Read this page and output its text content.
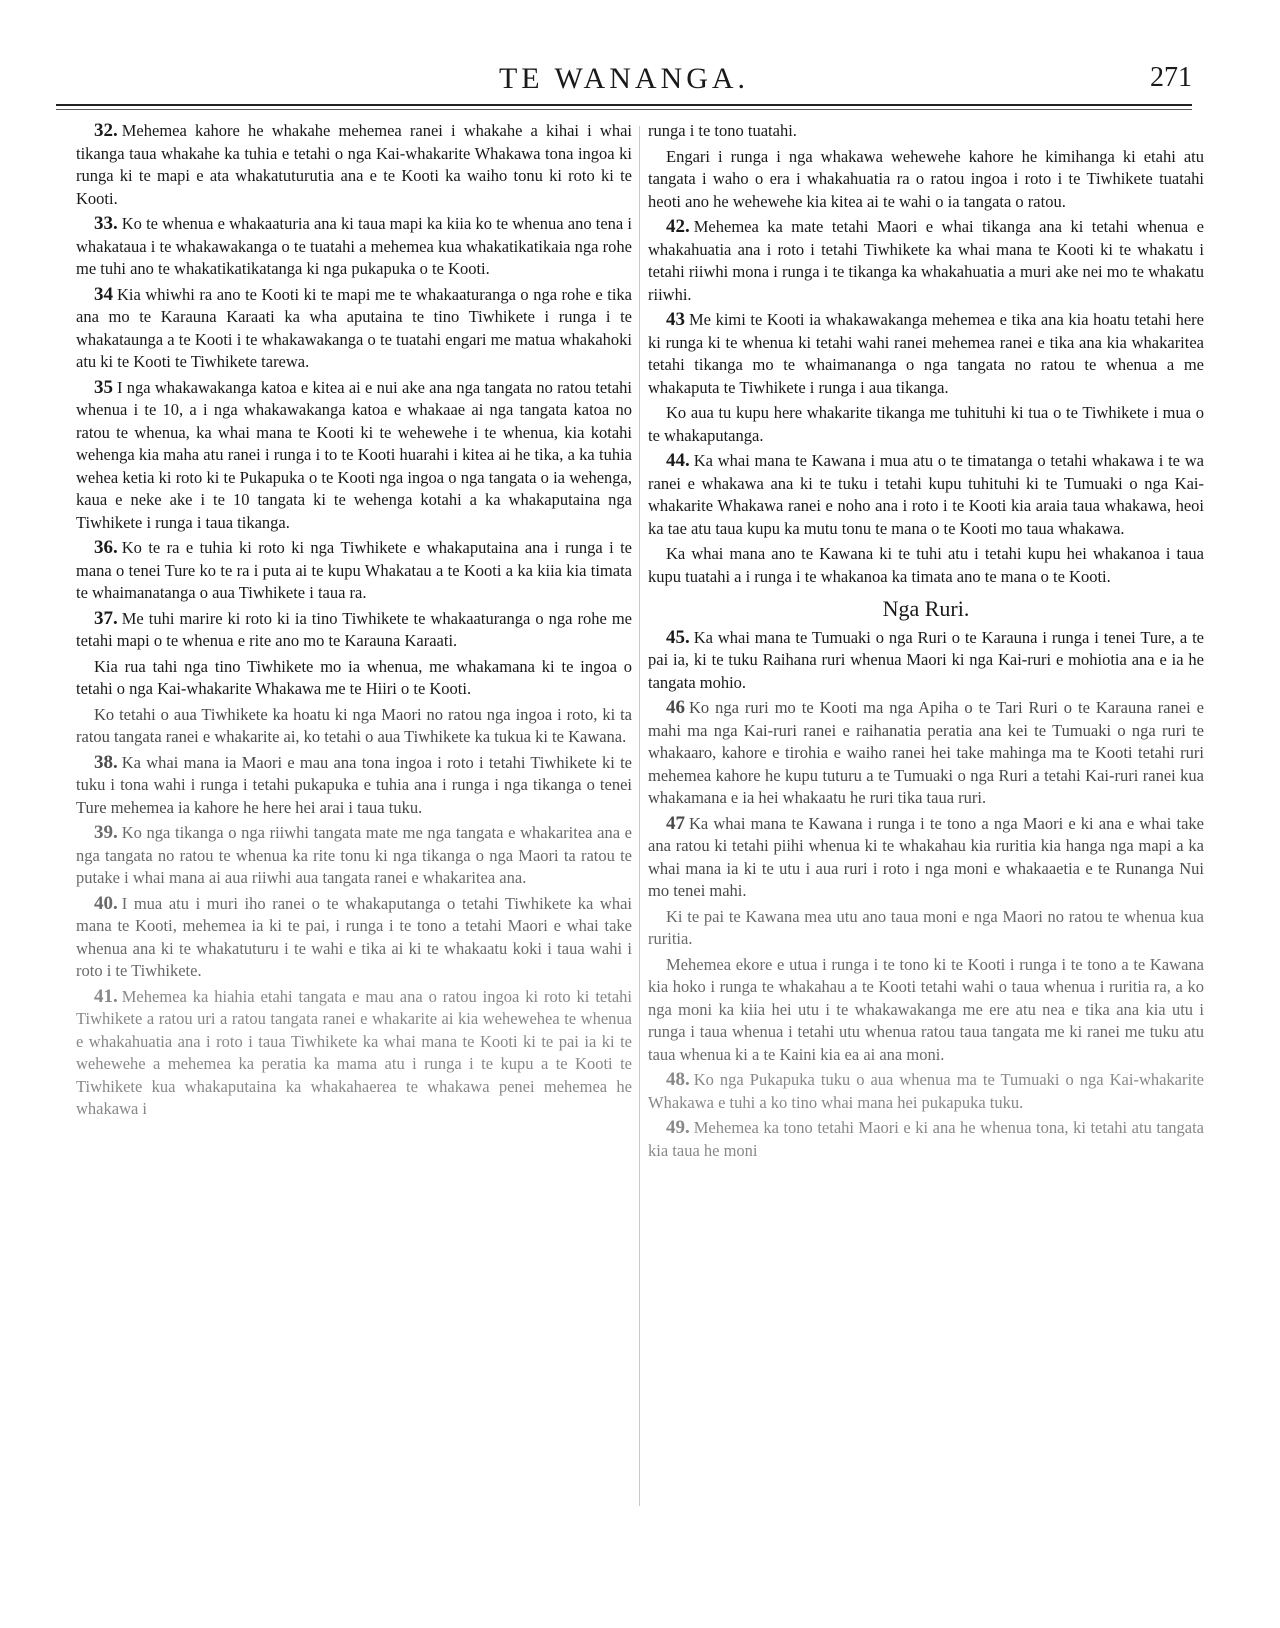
TE WANANGA.	271

32. Mehemea kahore he whakahe mehemea ranei i whakahe a kihai i whai tikanga taua whakahe ka tuhia e tetahi o nga Kai-whakarite Whakawa tona ingoa ki runga ki te mapi e ata whakatuturutia ana e te Kooti ka waiho tonu ki roto ki te Kooti.

33. Ko te whenua e whakaaturia ana ki taua mapi ka kiia ko te whenua ano tena i whakataua i te whakawakanga o te tuatahi a mehemea kua whakatikatikaia nga rohe me tuhi ano te whakatikatikatanga ki nga pukapuka o te Kooti.

34 Kia whiwhi ra ano te Kooti ki te mapi me te whakaaturanga o nga rohe e tika ana mo te Karauna Karaati ka wha aputaina te tino Tiwhikete i runga i te whakataunga a te Kooti i te whakawakanga o te tuatahi engari me matua whakahoki atu ki te Kooti te Tiwhikete tarewa.

35 I nga whakawakanga katoa e kitea ai e nui ake ana nga tangata no ratou tetahi whenua i te 10, a i nga whakawakanga katoa e whakaae ai nga tangata katoa no ratou te whenua, ka whai mana te Kooti ki te wehewehe i te whenua, kia kotahi wehenga kia maha atu ranei i runga i to te Kooti huarahi i kitea ai he tika, a ka tuhia wehea ketia ki roto ki te Pukapuka o te Kooti nga ingoa o nga tangata o ia wehenga, kaua e neke ake i te 10 tangata ki te wehenga kotahi a ka whakaputaina nga Tiwhikete i runga i taua tikanga.

36. Ko te ra e tuhia ki roto ki nga Tiwhikete e whakaputaina ana i runga i te mana o tenei Ture ko te ra i puta ai te kupu Whakatau a te Kooti a ka kiia kia timata te whaimanatanga o aua Tiwhikete i taua ra.

37. Me tuhi marire ki roto ki ia tino Tiwhikete te whakaaturanga o nga rohe me tetahi mapi o te whenua e rite ano mo te Karauna Karaati.

Kia rua tahi nga tino Tiwhikete mo ia whenua, me whakamana ki te ingoa o tetahi o nga Kai-whakarite Whakawa me te Hiiri o te Kooti.

Ko tetahi o aua Tiwhikete ka hoatu ki nga Maori no ratou nga ingoa i roto, ki ta ratou tangata ranei e whakarite ai, ko tetahi o aua Tiwhikete ka tukua ki te Kawana.

38. Ka whai mana ia Maori e mau ana tona ingoa i roto i tetahi Tiwhikete ki te tuku i tona wahi i runga i tetahi pukapuka e tuhia ana i runga i nga tikanga o tenei Ture mehemea ia kahore he here hei arai i taua tuku.

39. Ko nga tikanga o nga riiwhi tangata mate me nga tangata e whakaritea ana e nga tangata no ratou te whenua ka rite tonu ki nga tikanga o nga Maori ta ratou te putake i whai mana ai aua riiwhi aua tangata ranei e whakaritea ana.

40. I mua atu i muri iho ranei o te whakaputanga o tetahi Tiwhikete ka whai mana te Kooti, mehemea ia ki te pai, i runga i te tono a tetahi Maori e whai take whenua ana ki te whakatuturu i te wahi e tika ai ki te whakaatu koki i taua wahi i roto i te Tiwhikete.

41. Mehemea ka hiahia etahi tangata e mau ana o ratou ingoa ki roto ki tetahi Tiwhikete a ratou uri a ratou tangata ranei e whakarite ai kia wehewehea te whenua e whakahuatia ana i roto i taua Tiwhikete ka whai mana te Kooti ki te pai ia ki te wehewehe a mehemea ka peratia ka mama atu i runga i te kupu a te Kooti te Tiwhikete kua whakaputaina ka whakahaerea te whakawa penei mehemea he whakawa i

runga i te tono tuatahi.

Engari i runga i nga whakawa wehewehe kahore he kimihanga ki etahi atu tangata i waho o era i whakahuatia ra o ratou ingoa i roto i te Tiwhikete tuatahi heoti ano he wehewehe kia kitea ai te wahi o ia tangata o ratou.

42. Mehemea ka mate tetahi Maori e whai tikanga ana ki tetahi whenua e whakahuatia ana i roto i tetahi Tiwhikete ka whai mana te Kooti ki te whakatu i tetahi riiwhi mona i runga i te tikanga ka whakahuatia a muri ake nei mo te whakatu riiwhi.

43 Me kimi te Kooti ia whakawakanga mehemea e tika ana kia hoatu tetahi here ki runga ki te whenua ki tetahi wahi ranei mehemea ranei e tika ana kia whakaritea tetahi tikanga mo te whaimananga o nga tangata no ratou te whenua a me whakaputa te Tiwhikete i runga i aua tikanga.

Ko aua tu kupu here whakarite tikanga me tuhituhi ki tua o te Tiwhikete i mua o te whakaputanga.

44. Ka whai mana te Kawana i mua atu o te timatanga o tetahi whakawa i te wa ranei e whakawa ana ki te tuku i tetahi kupu tuhituhi ki te Tumuaki o nga Kai-whakarite Whakawa ranei e noho ana i roto i te Kooti kia araia taua whakawa, heoi ka tae atu taua kupu ka mutu tonu te mana o te Kooti mo taua whakawa.

Ka whai mana ano te Kawana ki te tuhi atu i tetahi kupu hei whakanoa i taua kupu tuatahi a i runga i te whakanoa ka timata ano te mana o te Kooti.

Nga Ruri.

45. Ka whai mana te Tumuaki o nga Ruri o te Karauna i runga i tenei Ture, a te pai ia, ki te tuku Raihana ruri whenua Maori ki nga Kai-ruri e mohiotia ana e ia he tangata mohio.

46 Ko nga ruri mo te Kooti ma nga Apiha o te Tari Ruri o te Karauna ranei e mahi ma nga Kai-ruri ranei e raihanatia peratia ana kei te Tumuaki o nga ruri te whakaaro, kahore e tirohia e waiho ranei hei take mahinga ma te Kooti tetahi ruri mehemea kahore he kupu tuturu a te Tumuaki o nga Ruri a tetahi Kai-ruri ranei kua whakamana e ia hei whakaatu he ruri tika taua ruri.

47 Ka whai mana te Kawana i runga i te tono a nga Maori e ki ana e whai take ana ratou ki tetahi piihi whenua ki te whakahau kia ruritia kia hanga nga mapi a ka whai mana ia ki te utu i aua ruri i roto i nga moni e whakaaetia e te Runanga Nui mo tenei mahi.

Ki te pai te Kawana mea utu ano taua moni e nga Maori no ratou te whenua kua ruritia.

Mehemea ekore e utua i runga i te tono ki te Kooti i runga i te tono a te Kawana kia hoko i runga te whakahau a te Kooti tetahi wahi o taua whenua i ruritia ra, a ko nga moni ka kiia hei utu i te whakawakanga me ere atu nea e tika ana kia utu i runga i taua whenua i tetahi utu whenua ratou taua tangata me ki ranei me tuku atu taua whenua ki a te Kaini kia ea ai ana moni.

48. Ko nga Pukapuka tuku o aua whenua ma te Tumuaki o nga Kai-whakarite Whakawa e tuhi a ko tino whai mana hei pukapuka tuku.

49. Mehemea ka tono tetahi Maori e ki ana he whenua tona, ki tetahi atu tangata kia taua he moni
